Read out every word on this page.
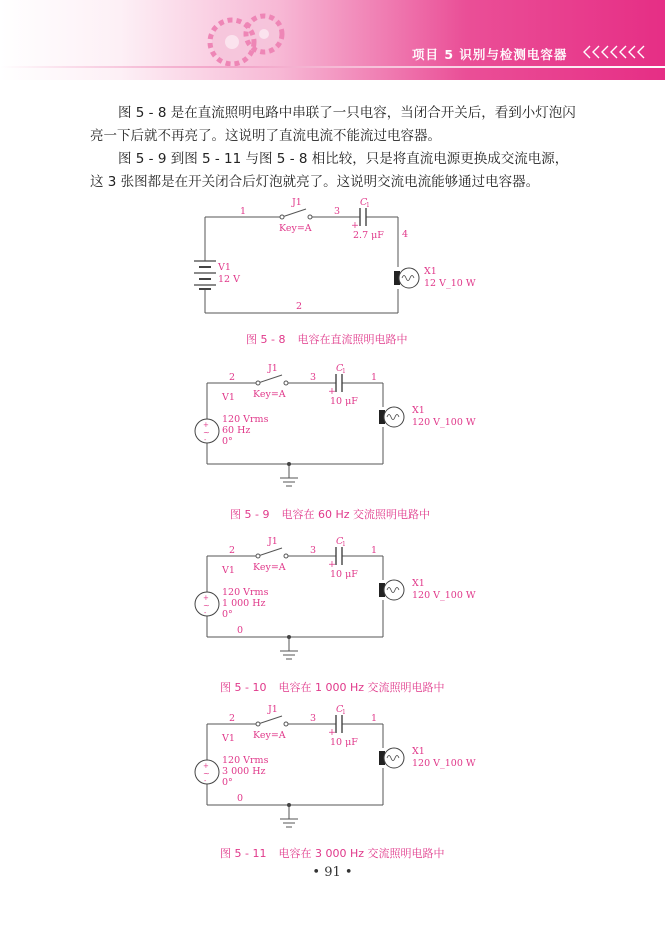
项目 5 识别与检测电容器

图 5 - 8 是在直流照明电路中串联了一只电容，当闭合开关后，看到小灯泡闪亮一下后就不再亮了。这说明了直流电流不能流过电容器。

图 5 - 9 到图 5 - 11 与图 5 - 8 相比较，只是将直流电源更换成交流电源，这 3 张图都是在开关闭合后灯泡就亮了。这说明交流电流能够通过电容器。

1
J1
Key=A
3
C
1
+
2.7 μF 4
V1
12 V
X1
12 V_10 W
2
图 5 - 8 电容在直流照明电路中
+
~
-
2
J1
Key=A
3
C
1
+
10 μF
1
V1
120 Vrms
60 Hz
0°
X1
120 V_100 W
图 5 - 9 电容在 60 Hz 交流照明电路中
+
~
-
2
J1
Key=A
3
C
1
+
10 μF
1
V1
120 Vrms
1 000 Hz
0°
X1
120 V_100 W
0
图 5 - 10 电容在 1 000 Hz 交流照明电路中
+
~
-
2
J1
Key=A
3
C
1
+
10 μF
1
V1
120 Vrms
3 000 Hz
0°
X1
120 V_100 W
0
图 5 - 11 电容在 3 000 Hz 交流照明电路中
• 91 •
